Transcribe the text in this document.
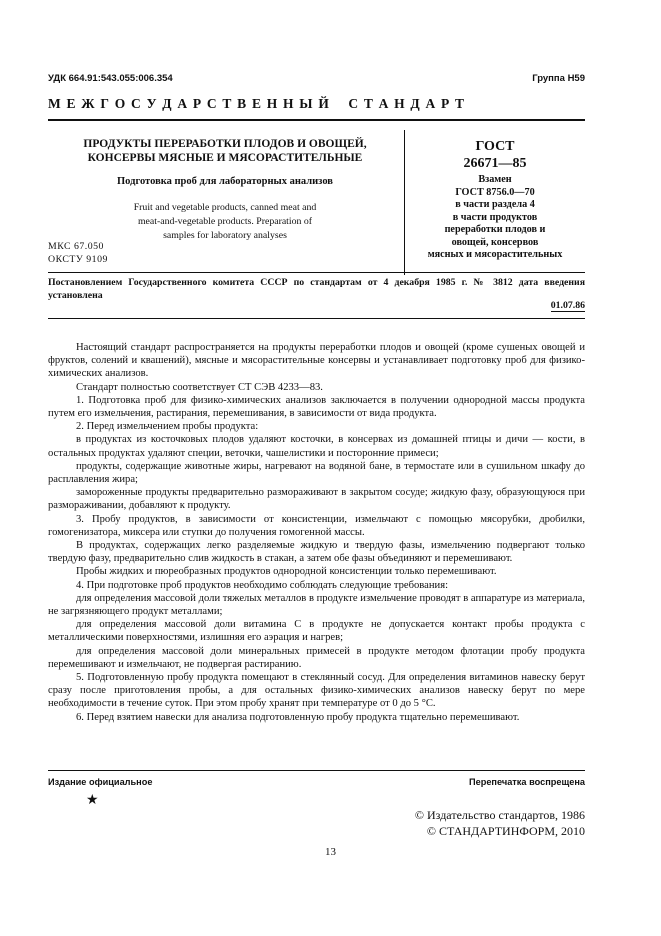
УДК 664.91:543.055:006.354	Группа Н59
М Е Ж Г О С У Д А Р С Т В Е Н Н Ы Й    С Т А Н Д А Р Т
ПРОДУКТЫ ПЕРЕРАБОТКИ ПЛОДОВ И ОВОЩЕЙ,
КОНСЕРВЫ МЯСНЫЕ И МЯСОРАСТИТЕЛЬНЫЕ
Подготовка проб для лабораторных анализов
Fruit and vegetable products, canned meat and
meat-and-vegetable products. Preparation of
samples for laboratory analyses
МКС 67.050
ОКСТУ 9109
ГОСТ
26671—85
Взамен
ГОСТ 8756.0—70
в части раздела 4
в части продуктов
переработки плодов и
овощей, консервов
мясных и мясорастительных
Постановлением Государственного комитета СССР по стандартам от 4 декабря 1985 г. № 3812 дата введения установлена
01.07.86

Настоящий стандарт распространяется на продукты переработки плодов и овощей (кроме сушеных овощей и фруктов, солений и квашений), мясные и мясорастительные консервы и устанавливает подготовку проб для физико-химических анализов.

Стандарт полностью соответствует СТ СЭВ 4233—83.

1. Подготовка проб для физико-химических анализов заключается в получении однородной массы продукта путем его измельчения, растирания, перемешивания, в зависимости от вида продукта.

2. Перед измельчением пробы продукта:

в продуктах из косточковых плодов удаляют косточки, в консервах из домашней птицы и дичи — кости, в остальных продуктах удаляют специи, веточки, чашелистики и посторонние примеси;

продукты, содержащие животные жиры, нагревают на водяной бане, в термостате или в сушильном шкафу до расплавления жира;

замороженные продукты предварительно размораживают в закрытом сосуде; жидкую фазу, образующуюся при размораживании, добавляют к продукту.

3. Пробу продуктов, в зависимости от консистенции, измельчают с помощью мясорубки, дробилки, гомогенизатора, миксера или ступки до получения гомогенной массы.

В продуктах, содержащих легко разделяемые жидкую и твердую фазы, измельчению подвергают только твердую фазу, предварительно слив жидкость в стакан, а затем обе фазы объединяют и перемешивают.

Пробы жидких и пюреобразных продуктов однородной консистенции только перемешивают.

4. При подготовке проб продуктов необходимо соблюдать следующие требования:

для определения массовой доли тяжелых металлов в продукте измельчение проводят в аппаратуре из материала, не загрязняющего продукт металлами;

для определения массовой доли витамина С в продукте не допускается контакт пробы продукта с металлическими поверхностями, излишняя его аэрация и нагрев;

для определения массовой доли минеральных примесей в продукте методом флотации пробу продукта перемешивают и измельчают, не подвергая растиранию.

5. Подготовленную пробу продукта помещают в стеклянный сосуд. Для определения витаминов навеску берут сразу после приготовления пробы, а для остальных физико-химических анализов навеску берут по мере необходимости в течение суток. При этом пробу хранят при температуре от 0 до 5 °С.

6. Перед взятием навески для анализа подготовленную пробу продукта тщательно перемешивают.

Издание официальное	Перепечатка воспрещена
★
© Издательство стандартов, 1986
© СТАНДАРТИНФОРМ, 2010
13
